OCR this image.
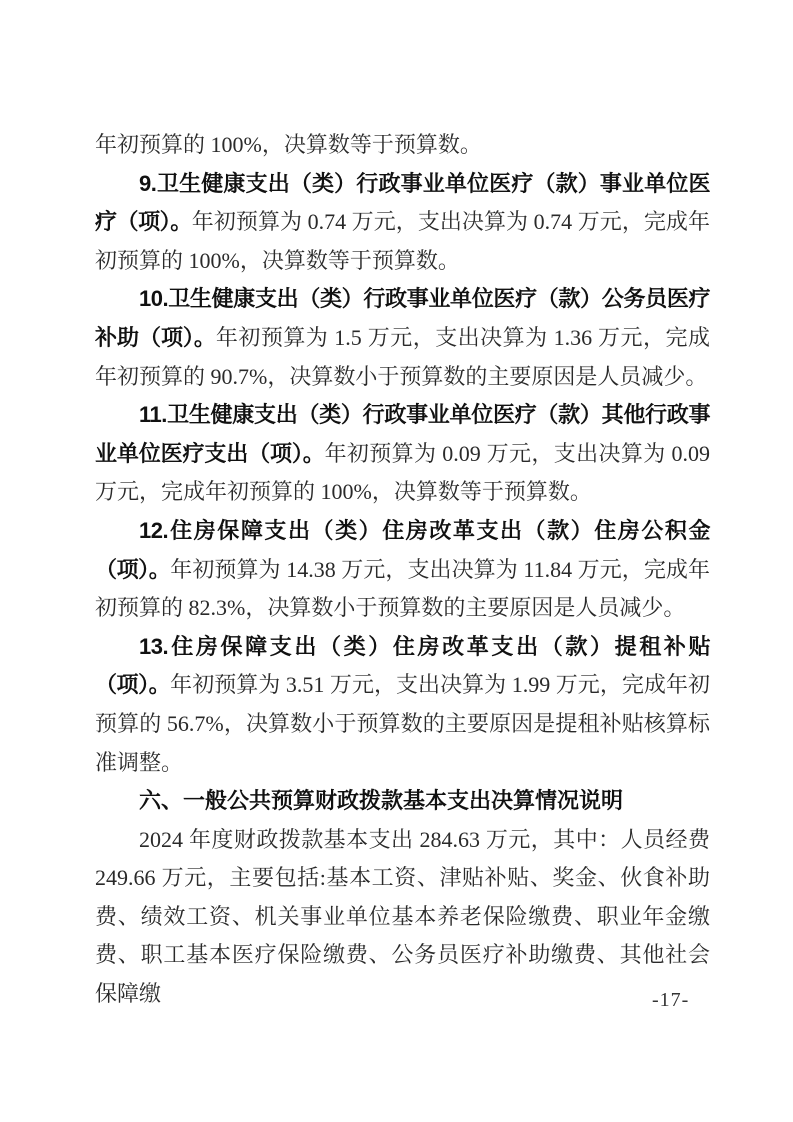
年初预算的 100%，决算数等于预算数。

9.卫生健康支出（类）行政事业单位医疗（款）事业单位医疗（项）。年初预算为 0.74 万元，支出决算为 0.74 万元，完成年初预算的 100%，决算数等于预算数。

10.卫生健康支出（类）行政事业单位医疗（款）公务员医疗补助（项）。年初预算为 1.5 万元，支出决算为 1.36 万元，完成年初预算的 90.7%，决算数小于预算数的主要原因是人员减少。

11.卫生健康支出（类）行政事业单位医疗（款）其他行政事业单位医疗支出（项）。年初预算为 0.09 万元，支出决算为 0.09 万元，完成年初预算的 100%，决算数等于预算数。

12.住房保障支出（类）住房改革支出（款）住房公积金（项）。年初预算为 14.38 万元，支出决算为 11.84 万元，完成年初预算的 82.3%，决算数小于预算数的主要原因是人员减少。

13.住房保障支出（类）住房改革支出（款）提租补贴（项）。年初预算为 3.51 万元，支出决算为 1.99 万元，完成年初预算的 56.7%，决算数小于预算数的主要原因是提租补贴核算标准调整。

六、一般公共预算财政拨款基本支出决算情况说明

2024 年度财政拨款基本支出 284.63 万元，其中：人员经费 249.66 万元，主要包括:基本工资、津贴补贴、奖金、伙食补助费、绩效工资、机关事业单位基本养老保险缴费、职业年金缴费、职工基本医疗保险缴费、公务员医疗补助缴费、其他社会保障缴	-17-
